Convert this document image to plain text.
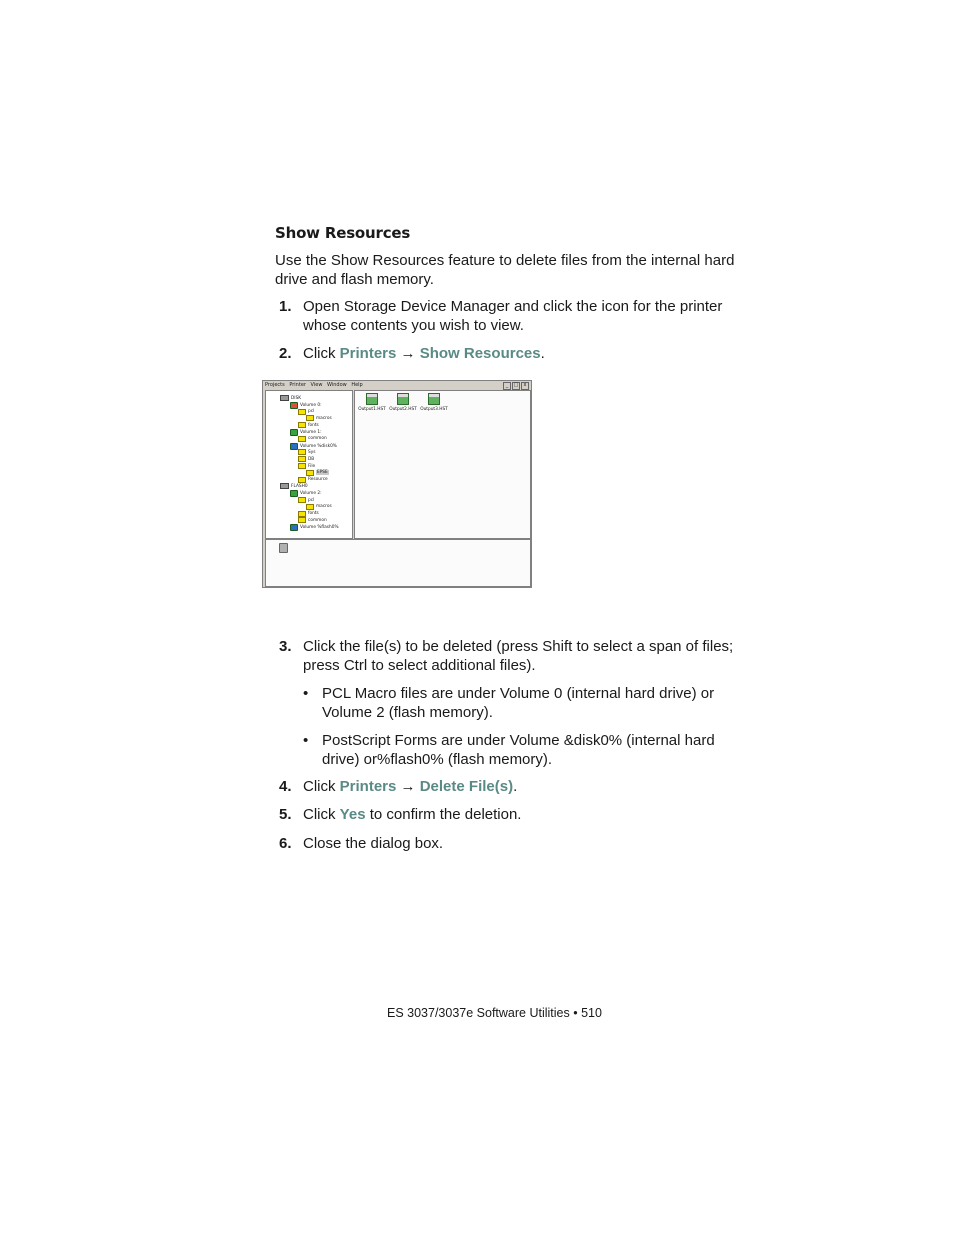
Show Resources

Use the Show Resources feature to delete files from the internal hard drive and flash memory.

1. Open Storage Device Manager and click the icon for the printer whose contents you wish to view.
2. Click Printers → Show Resources.
Projects Printer View Window Help	_	□	x
DISK
Volume 0:
pcl
macros
fonts
Volume 1:
common
Volume %disk0%
Sys
DB
File
EPSE
Resource
FLASH0
Volume 2:
pcl
macros
fonts
common
Volume %flash0%
Output1.HST Output2.HST Output3.HST
3. Click the file(s) to be deleted (press Shift to select a span of files; press Ctrl to select additional files).
• PCL Macro files are under Volume 0 (internal hard drive) or Volume 2 (flash memory).
• PostScript Forms are under Volume &disk0% (internal hard drive) or%flash0% (flash memory).
4. Click Printers → Delete File(s).
5. Click Yes to confirm the deletion.
6. Close the dialog box.
ES 3037/3037e Software Utilities • 510
